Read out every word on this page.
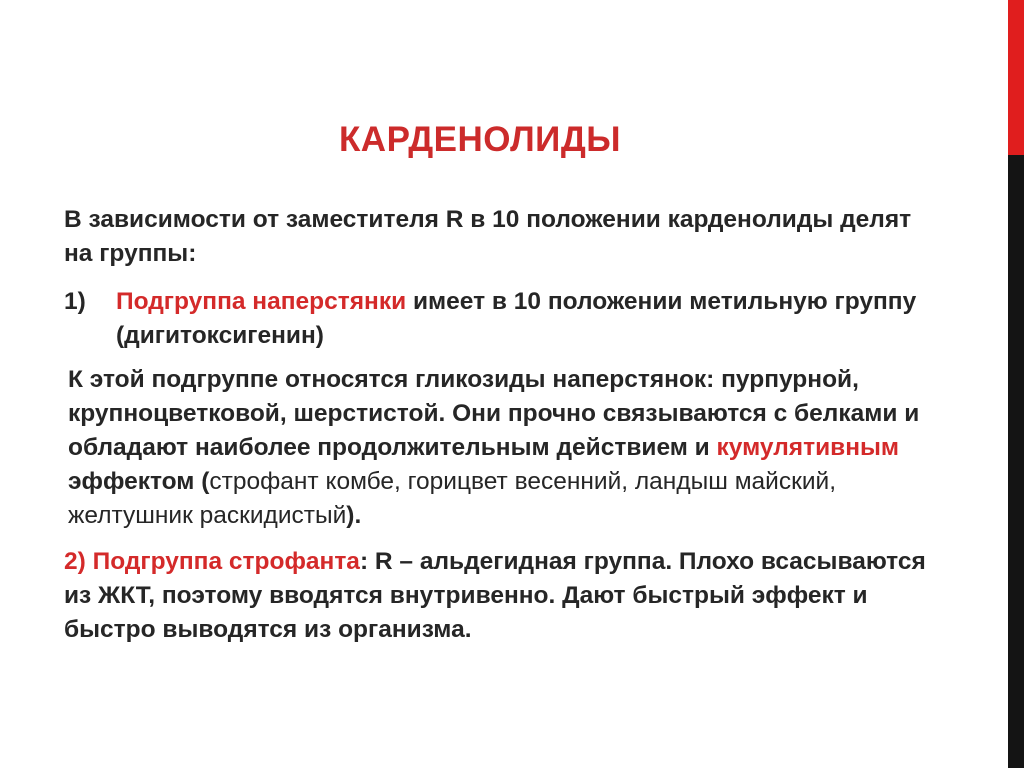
КАРДЕНОЛИДЫ

В зависимости от заместителя R в 10 положении карденолиды делят на группы:

1) Подгруппа наперстянки имеет в 10 положении метильную группу (дигитоксигенин)

К этой подгруппе относятся гликозиды наперстянок: пурпурной, крупноцветковой, шерстистой. Они прочно связываются с белками и обладают наиболее продолжительным действием и кумулятивным эффектом (строфант комбе, горицвет весенний, ландыш майский, желтушник раскидистый).

2) Подгруппа строфанта: R – альдегидная группа. Плохо всасываются из ЖКТ, поэтому вводятся внутривенно. Дают быстрый эффект и быстро выводятся из организма.
